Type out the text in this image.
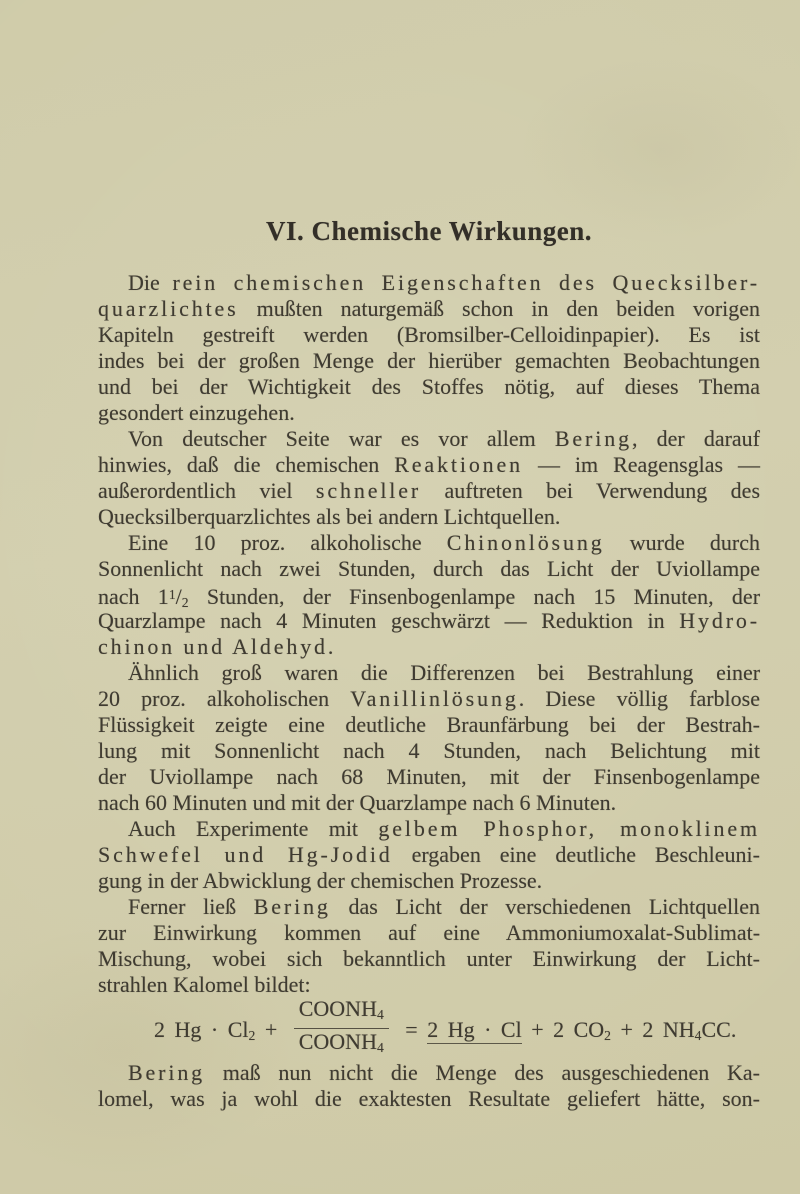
VI. Chemische Wirkungen.
Die rein chemischen Eigenschaften des Quecksilber-
quarzlichtes mußten naturgemäß schon in den beiden vorigen
Kapiteln gestreift werden (Bromsilber-Celloidinpapier). Es ist
indes bei der großen Menge der hierüber gemachten Beobachtungen
und bei der Wichtigkeit des Stoffes nötig, auf dieses Thema
gesondert einzugehen.
Von deutscher Seite war es vor allem Bering, der darauf
hinwies, daß die chemischen Reaktionen — im Reagensglas —
außerordentlich viel schneller auftreten bei Verwendung des
Quecksilberquarzlichtes als bei andern Lichtquellen.
Eine 10 proz. alkoholische Chinonlösung wurde durch
Sonnenlicht nach zwei Stunden, durch das Licht der Uviollampe
nach $1^1/_2$ Stunden, der Finsenbogenlampe nach 15 Minuten, der
Quarzlampe nach 4 Minuten geschwärzt — Reduktion in Hydro-
chinon und Aldehyd.
Ähnlich groß waren die Differenzen bei Bestrahlung einer
20 proz. alkoholischen Vanillinlösung. Diese völlig farblose
Flüssigkeit zeigte eine deutliche Braunfärbung bei der Bestrah-
lung mit Sonnenlicht nach 4 Stunden, nach Belichtung mit
der Uviollampe nach 68 Minuten, mit der Finsenbogenlampe
nach 60 Minuten und mit der Quarzlampe nach 6 Minuten.
Auch Experimente mit gelbem Phosphor, monoklinem
Schwefel und Hg-Jodid ergaben eine deutliche Beschleuni-
gung in der Abwicklung der chemischen Prozesse.
Ferner ließ Bering das Licht der verschiedenen Lichtquellen
zur Einwirkung kommen auf eine Ammoniumoxalat-Sublimat-
Mischung, wobei sich bekanntlich unter Einwirkung der Licht-
strahlen Kalomel bildet:
2 $Hg \cdot Cl_2 + \frac{COONH_4}{COONH_4} = 2$ Hg · Cl + 2 $CO_2 + 2$ $NH_4CC$.
Bering maß nun nicht die Menge des ausgeschiedenen Ka-
lomel, was ja wohl die exaktesten Resultate geliefert hätte, son-
